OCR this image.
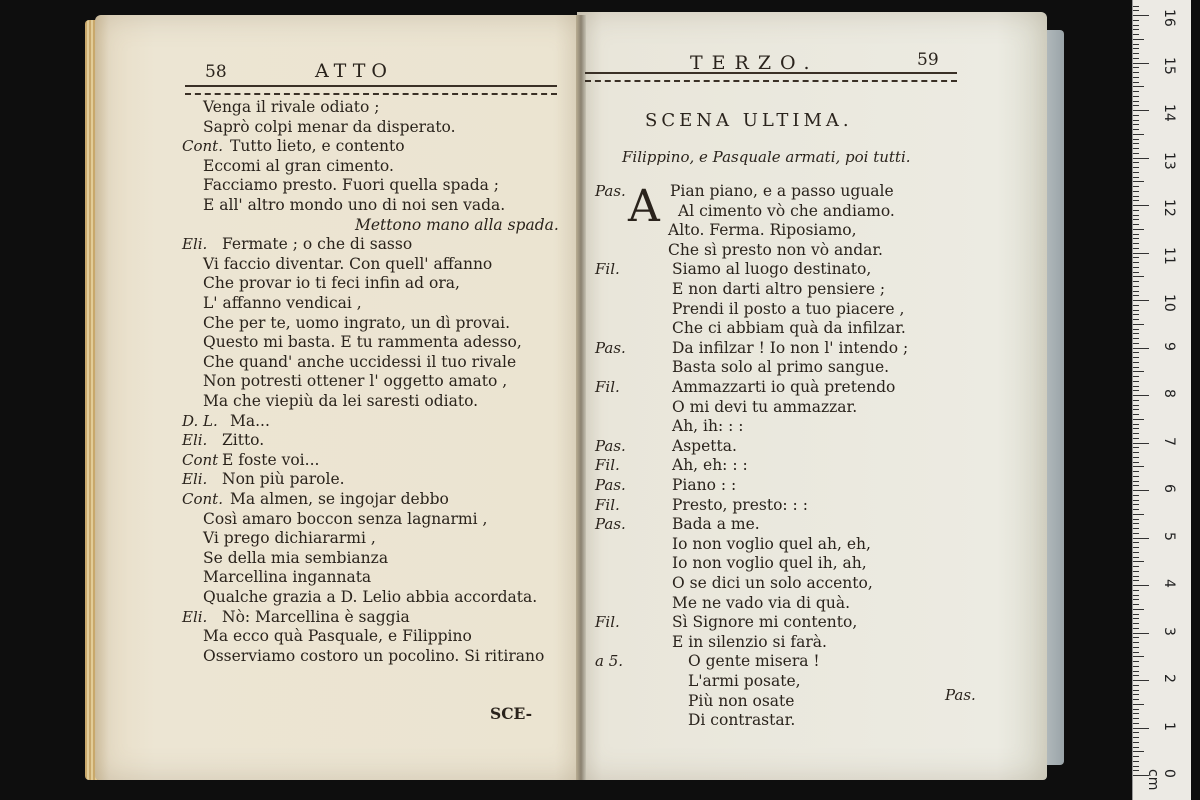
58	ATTO
Venga il rivale odiato ;
Saprò colpi menar da disperato.
Cont. Tutto lieto, e contento
Eccomi al gran cimento.
Facciamo presto. Fuori quella spada ;
E all' altro mondo uno di noi sen vada.
Mettono mano alla spada.
Eli. Fermate ; o che di sasso
Vi faccio diventar. Con quell' affanno
Che provar io ti feci infin ad ora,
L' affanno vendicai ,
Che per te, uomo ingrato, un dì provai.
Questo mi basta. E tu rammenta adesso,
Che quand' anche uccidessi il tuo rivale
Non potresti ottener l' oggetto amato ,
Ma che viepiù da lei saresti odiato.
D. L. Ma...
Eli. Zitto.
Cont E foste voi...
Eli. Non più parole.
Cont. Ma almen, se ingojar debbo
Così amaro boccon senza lagnarmi ,
Vi prego dichiararmi ,
Se della mia sembianza
Marcellina ingannata
Qualche grazia a D. Lelio abbia accordata.
Eli. Nò: Marcellina è saggia
Ma ecco quà Pasquale, e Filippino
Osserviamo costoro un pocolino. Si ritirano
SCE-
TERZO.	59
SCENA ULTIMA.
Filippino, e Pasquale armati, poi tutti.
A
Pas.	Pian piano, e a passo uguale
Al cimento vò che andiamo.
Alto. Ferma. Riposiamo,
Che sì presto non vò andar.
Fil.	Siamo al luogo destinato,
E non darti altro pensiere ;
Prendi il posto a tuo piacere ,
Che ci abbiam quà da infilzar.
Pas.	Da infilzar ! Io non l' intendo ;
Basta solo al primo sangue.
Fil.	Ammazzarti io quà pretendo
O mi devi tu ammazzar.
Ah, ih: : :
Pas.	Aspetta.
Fil.	Ah, eh: : :
Pas.	Piano : :
Fil.	Presto, presto: : :
Pas.	Bada a me.
Io non voglio quel ah, eh,
Io non voglio quel ih, ah,
O se dici un solo accento,
Me ne vado via di quà.
Fil.	Sì Signore mi contento,
E in silenzio si farà.
a 5.	O gente misera !
L'armi posate,
Più non osate
Di contrastar.
Pas.
0 cm
1
2
3
4
5
6
7
8
9
10
11
12
13
14
15
16
